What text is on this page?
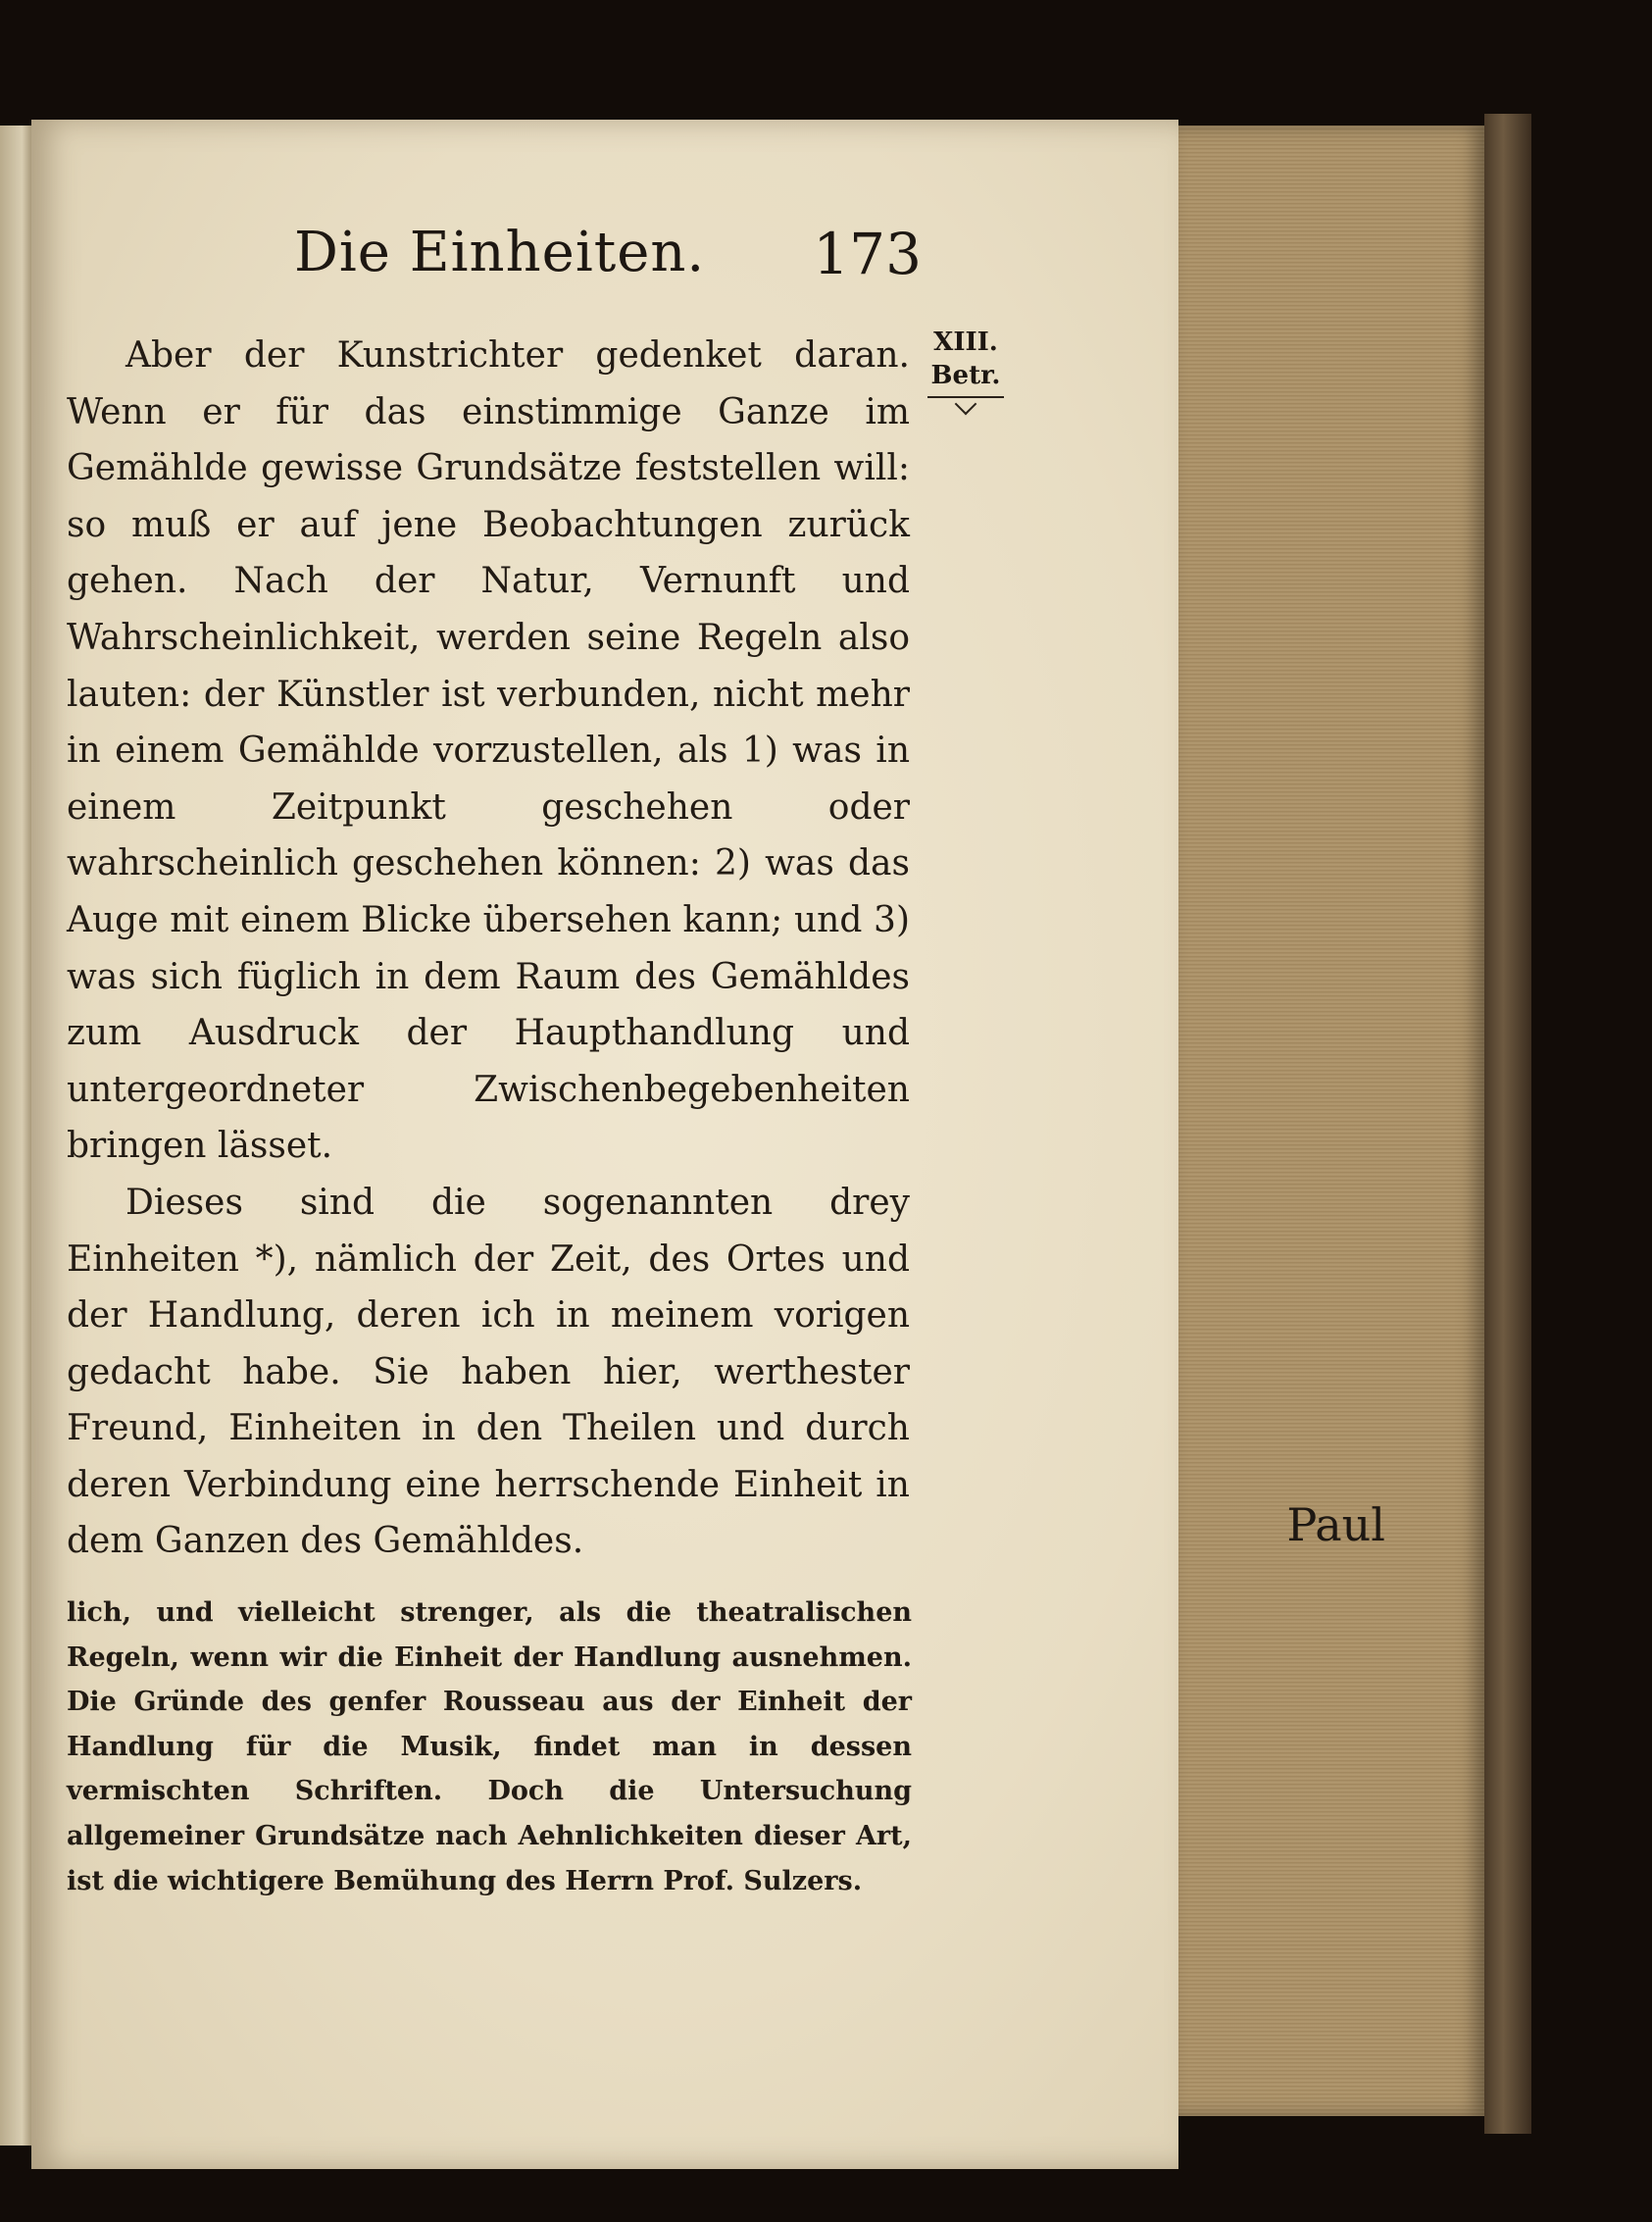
Die Einheiten. 173
XIII.
Betr.

Aber der Kunstrichter gedenket daran. Wenn er für das einstimmige Ganze im Gemählde gewisse Grundsätze feststellen will: so muß er auf jene Beobachtungen zurück gehen. Nach der Natur, Vernunft und Wahrscheinlichkeit, werden seine Regeln also lauten: der Künstler ist verbunden, nicht mehr in einem Gemählde vorzustellen, als 1) was in einem Zeitpunkt geschehen oder wahrscheinlich geschehen können: 2) was das Auge mit einem Blicke übersehen kann; und 3) was sich füglich in dem Raum des Gemähldes zum Ausdruck der Haupthandlung und untergeordneter Zwischenbegebenheiten bringen lässet.

Dieses sind die sogenannten drey Einheiten *), nämlich der Zeit, des Ortes und der Handlung, deren ich in meinem vorigen gedacht habe. Sie haben hier, werthester Freund, Einheiten in den Theilen und durch deren Verbindung eine herrschende Einheit in dem Ganzen des Gemähldes.	Paul

lich, und vielleicht strenger, als die theatralischen Regeln, wenn wir die Einheit der Handlung ausnehmen. Die Gründe des genfer Rousseau aus der Einheit der Handlung für die Musik, findet man in dessen vermischten Schriften. Doch die Untersuchung allgemeiner Grundsätze nach Aehnlichkeiten dieser Art, ist die wichtigere Bemühung des Herrn Prof. Sulzers.
